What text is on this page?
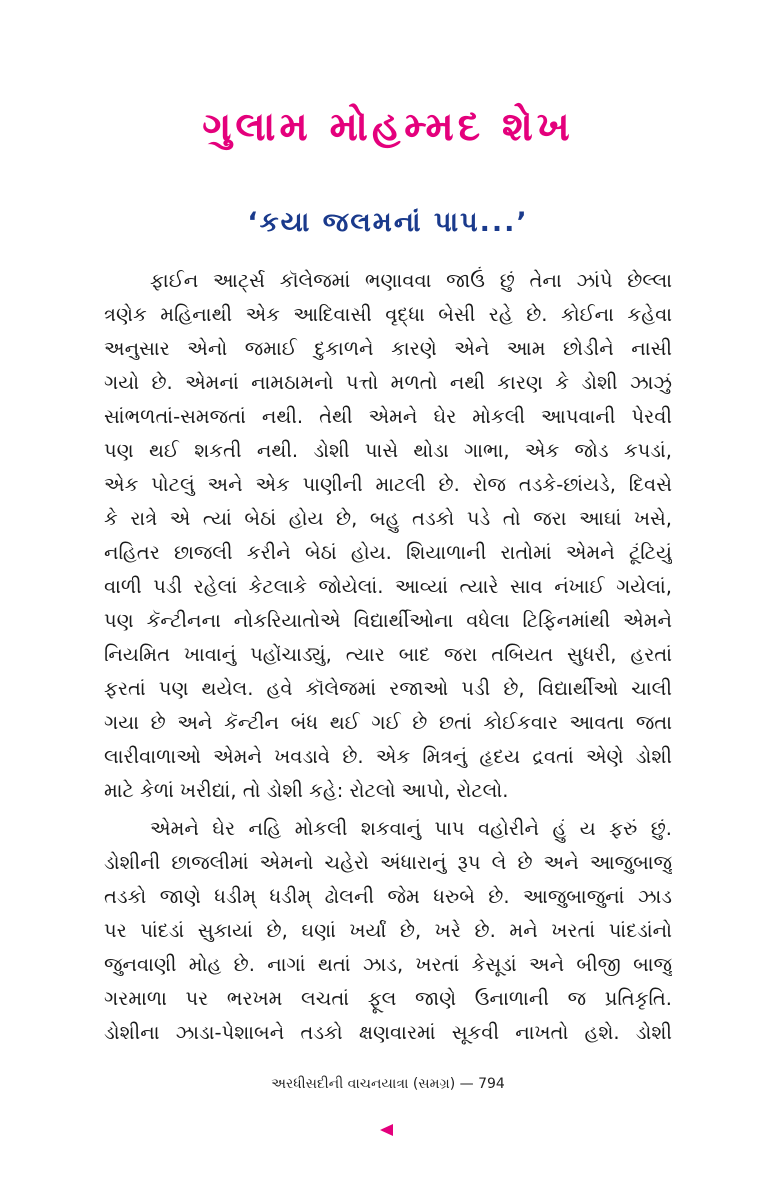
ગુલામ મોહમ્મદ શેખ
‘કયા જલમનાં પાપ...’
ફાઈન આર્ટ્સ કૉલેજમાં ભણાવવા જાઉં છું તેના ઝાંપે છેલ્લા
ત્રણેક મહિનાથી એક આદિવાસી વૃદ્ધા બેસી રહે છે. કોઈના કહેવા
અનુસાર એનો જમાઈ દુકાળને કારણે એને આમ છોડીને નાસી
ગયો છે. એમનાં નામઠામનો પત્તો મળતો નથી કારણ કે ડોશી ઝાઝું
સાંભળતાં-સમજતાં નથી. તેથી એમને ઘેર મોકલી આપવાની પેરવી
પણ થઈ શકતી નથી. ડોશી પાસે થોડા ગાભા, એક જોડ કપડાં,
એક પોટલું અને એક પાણીની માટલી છે. રોજ તડકે-છાંયડે, દિવસે
કે રાત્રે એ ત્યાં બેઠાં હોય છે, બહુ તડકો પડે તો જરા આઘાં ખસે,
નહિતર છાજલી કરીને બેઠાં હોય. શિયાળાની રાતોમાં એમને ટૂંટિયું
વાળી પડી રહેલાં કેટલાકે જોયેલાં. આવ્યાં ત્યારે સાવ નંખાઈ ગયેલાં,
પણ કૅન્ટીનના નોકરિયાતોએ વિદ્યાર્થીઓના વધેલા ટિફિનમાંથી એમને
નિયમિત ખાવાનું પહોંચાડ્યું, ત્યાર બાદ જરા તબિયત સુધરી, હરતાં
ફરતાં પણ થયેલ. હવે કૉલેજમાં રજાઓ પડી છે, વિદ્યાર્થીઓ ચાલી
ગયા છે અને કૅન્ટીન બંધ થઈ ગઈ છે છતાં કોઈકવાર આવતા જતા
લારીવાળાઓ એમને ખવડાવે છે. એક મિત્રનું હૃદય દ્રવતાં એણે ડોશી
માટે કેળાં ખરીદ્યાં, તો ડોશી કહે: રોટલો આપો, રોટલો.
એમને ઘેર નહિ મોકલી શકવાનું પાપ વહોરીને હું ય ફરું છું.
ડોશીની છાજલીમાં એમનો ચહેરો અંધારાનું રૂપ લે છે અને આજુબાજુ
તડકો જાણે ધડીમ્ ધડીમ્ ઢોલની જેમ ધરુબે છે. આજુબાજુનાં ઝાડ
પર પાંદડાં સુકાયાં છે, ઘણાં ખર્યાં છે, ખરે છે. મને ખરતાં પાંદડાંનો
જુનવાણી મોહ છે. નાગાં થતાં ઝાડ, ખરતાં કેસૂડાં અને બીજી બાજુ
ગરમાળા પર ભરખમ લચતાં ફૂલ જાણે ઉનાળાની જ પ્રતિકૃતિ.
ડોશીના ઝાડા-પેશાબને તડકો ક્ષણવારમાં સૂકવી નાખતો હશે. ડોશી
અરધીસદીની વાચનયાત્રા (સમગ્ર) — 794
